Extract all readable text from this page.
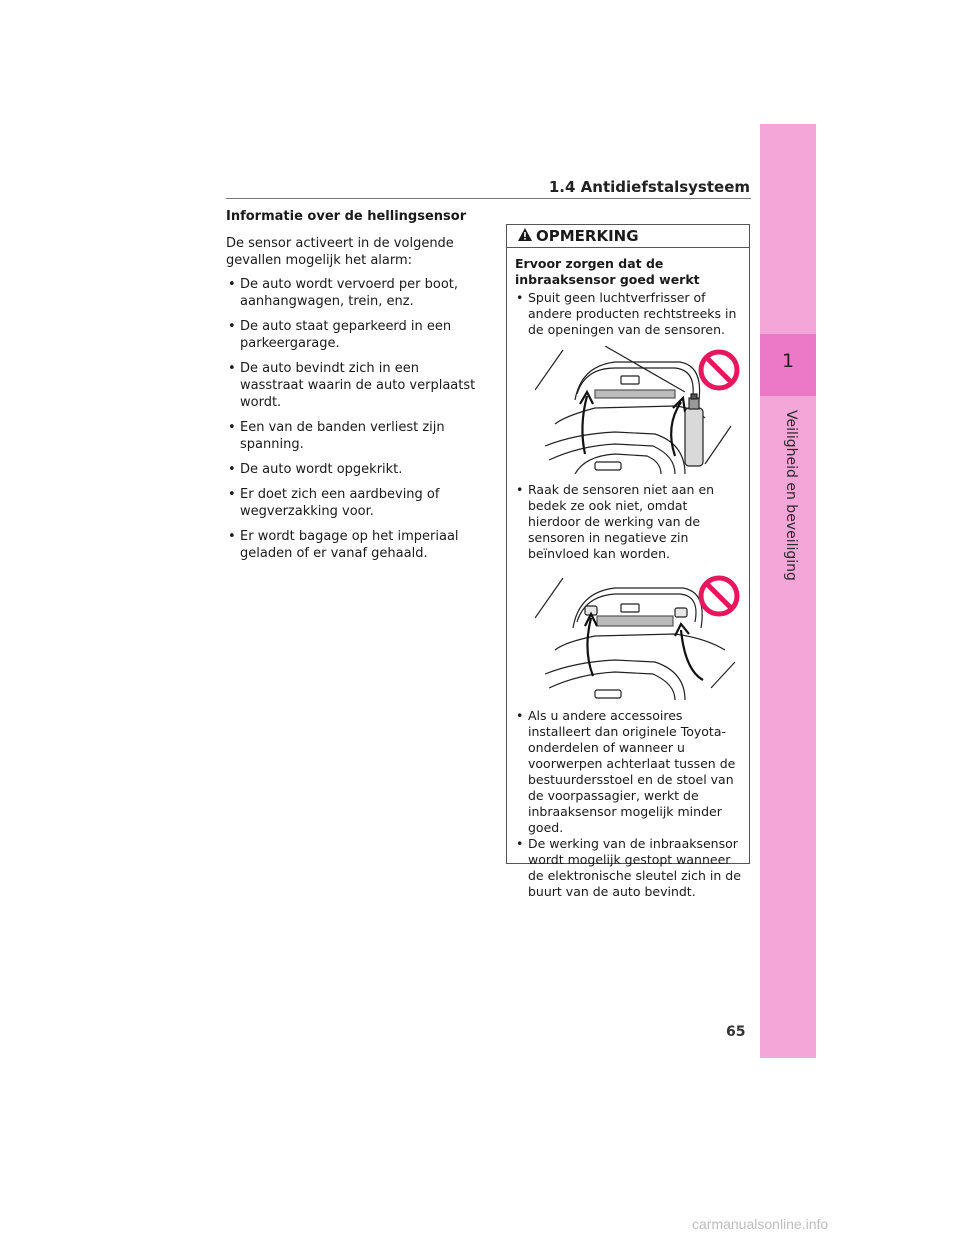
1
Veiligheid en beveiliging
1.4 Antidiefstalsysteem
Informatie over de hellingsensor
De sensor activeert in de volgende gevallen mogelijk het alarm:
• De auto wordt vervoerd per boot, aanhangwagen, trein, enz.
• De auto staat geparkeerd in een parkeergarage.
• De auto bevindt zich in een wasstraat waarin de auto verplaatst wordt.
• Een van de banden verliest zijn spanning.
• De auto wordt opgekrikt.
• Er doet zich een aardbeving of wegverzakking voor.
• Er wordt bagage op het imperiaal geladen of er vanaf gehaald.
OPMERKING
Ervoor zorgen dat de inbraaksensor goed werkt
• Spuit geen luchtverfrisser of andere producten rechtstreeks in de openingen van de sensoren.
• Raak de sensoren niet aan en bedek ze ook niet, omdat hierdoor de werking van de sensoren in negatieve zin beïnvloed kan worden.
• Als u andere accessoires installeert dan originele Toyota-onderdelen of wanneer u voorwerpen achterlaat tussen de bestuurdersstoel en de stoel van de voorpassagier, werkt de inbraaksensor mogelijk minder goed.
• De werking van de inbraaksensor wordt mogelijk gestopt wanneer de elektronische sleutel zich in de buurt van de auto bevindt.
65
carmanualsonline.info
